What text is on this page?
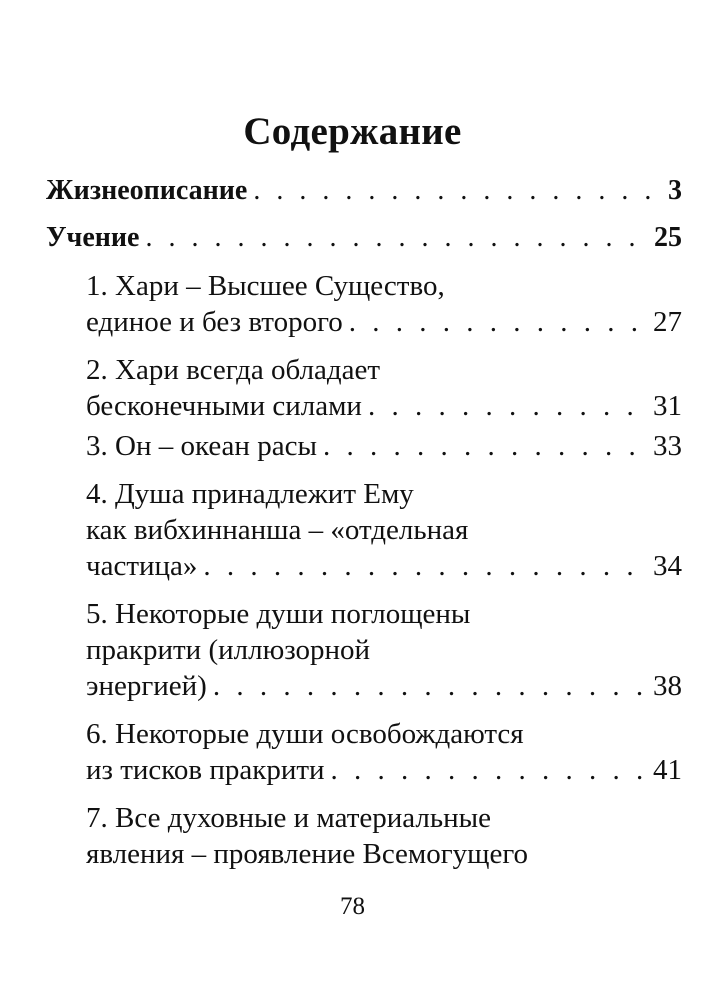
Содержание
Жизнеописание . . .	3
Учение . . .	25
1. Хари – Высшее Существо,
единое и без второго . . .	27
2. Хари всегда обладает
бесконечными силами . . .	31
3. Он – океан расы . . .	33
4. Душа принадлежит Ему
как вибхиннанша – «отдельная
частица» . . .	34
5. Некоторые души поглощены
пракрити (иллюзорной
энергией) . . .	38
6. Некоторые души освобождаются
из тисков пракрити . . .	41
7. Все духовные и материальные
явления – проявление Всемогущего
78
